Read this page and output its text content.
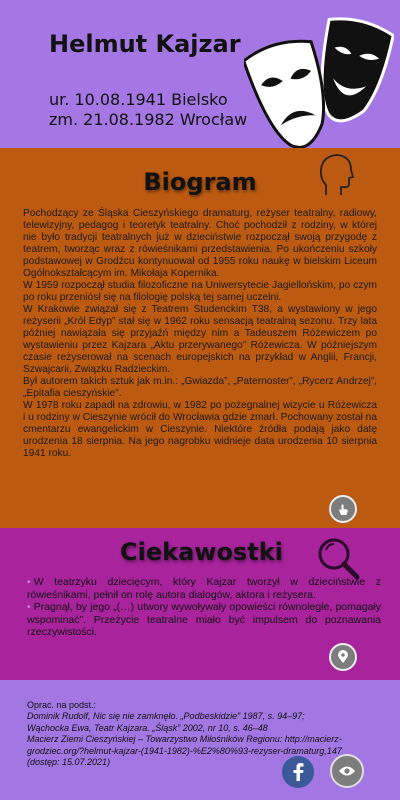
Helmut Kajzar
ur. 10.08.1941 Bielsko
zm. 21.08.1982 Wrocław
Biogram

Pochodzący ze Śląska Cieszyńskiego dramaturg, reżyser teatralny, radiowy, telewizyjny, pedagog i teoretyk teatralny. Choć pochodził z rodziny, w której nie było tradycji teatralnych już w dzieciństwie rozpoczął swoją przygodę z teatrem, tworząc wraz z rówieśnikami przedstawienia. Po ukończeniu szkoły podstawowej w Grodźcu kontynuował od 1955 roku naukę w bielskim Liceum Ogólnokształcącym im. Mikołaja Kopernika.

W 1959 rozpoczął studia filozoficzne na Uniwersytecie Jagiellońskim, po czym po roku przeniósł się na filologię polską tej samej uczelni.

W Krakowie związał się z Teatrem Studenckim T38, a wystawiony w jego reżyserii „Król Edyp” stał się w 1962 roku sensacją teatralną sezonu. Trzy lata później nawiązała się przyjaźń między nim a Tadeuszem Różewiczem po wystawieniu przez Kajzara „Aktu przerywanego” Różewicza. W późniejszym czasie reżyserował na scenach europejskich na przykład w Anglii, Francji, Szwajcarii, Związku Radzieckim.

Był autorem takich sztuk jak m.in.: „Gwiazda”, „Paternoster”, „Rycerz Andrzej”, „Epitafia cieszyńskie”.

W 1978 roku zapadł na zdrowiu, w 1982 po pożegnalnej wizycie u Różewicza i u rodziny w Cieszynie wrócił do Wrocławia gdzie zmarł. Pochowany został na cmentarzu ewangelickim w Cieszynie. Niektóre źródła podają jako datę urodzenia 18 sierpnia. Na jego nagrobku widnieje data urodzenia 10 sierpnia 1941 roku.

Ciekawostki
• W teatrzyku dziecięcym, który Kajzar tworzył w dzieciństwie z rówieśnikami, pełnił on rolę autora dialogów, aktora i reżysera.
• Pragnął, by jego „(…) utwory wywoływały opowieści równoległe, pomagały wspominać”. Przeżycie teatralne miało być impulsem do poznawania rzeczywistości.
Oprac. na podst.:
Dominik Rudolf, Nic się nie zamknęło. „Podbeskidzie” 1987, s. 94–97;
Wąchocka Ewa, Teatr Kajzara. „Śląsk” 2002, nr 10, s. 46–48
Macierz Ziemi Cieszyńskiej – Towarzystwo Miłośników Regionu: http://macierz-grodziec.org/?helmut-kajzar-(1941-1982)-%E2%80%93-rezyser-dramaturg,147
(dostęp: 15.07.2021)
